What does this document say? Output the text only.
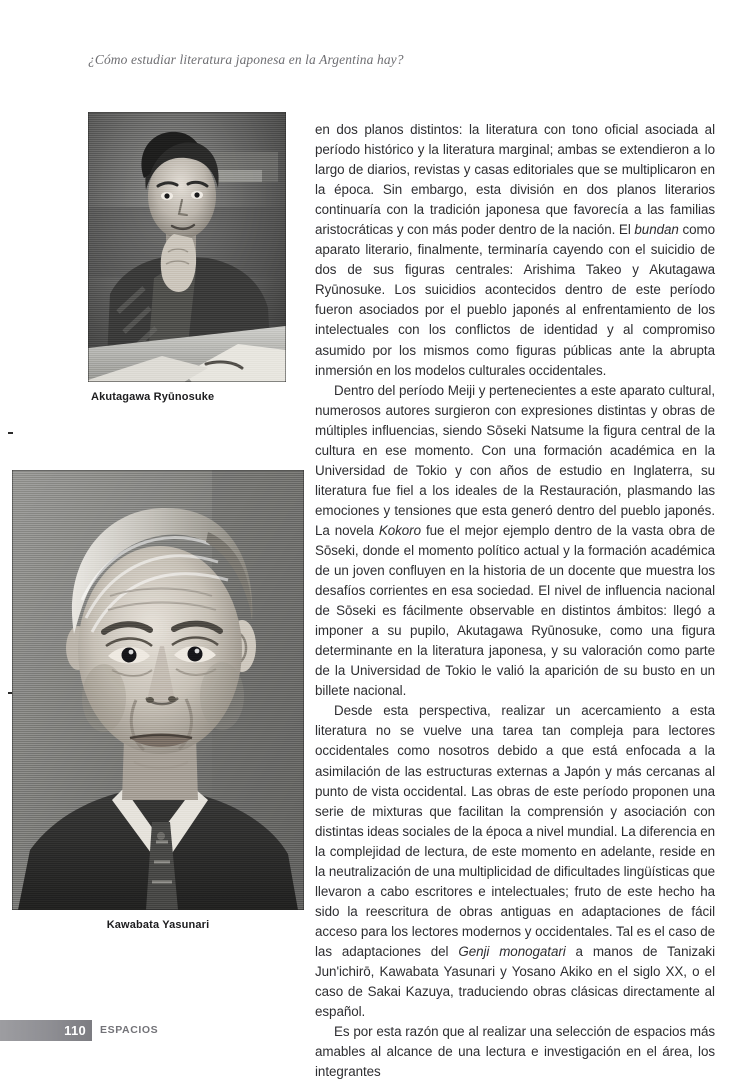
¿Cómo estudiar literatura japonesa en la Argentina hay?
Akutagawa Ryūnosuke
Kawabata Yasunari

en dos planos distintos: la literatura con tono oficial asociada al período histórico y la literatura marginal; ambas se extendieron a lo largo de diarios, revistas y casas editoriales que se multiplicaron en la época. Sin embargo, esta división en dos planos literarios continuaría con la tradición japonesa que favorecía a las familias aristocráticas y con más poder dentro de la nación. El bundan como aparato literario, finalmente, terminaría cayendo con el suicidio de dos de sus figuras centrales: Arishima Takeo y Akutagawa Ryūnosuke. Los suicidios acontecidos dentro de este período fueron asociados por el pueblo japonés al enfrentamiento de los intelectuales con los conflictos de identidad y al compromiso asumido por los mismos como figuras públicas ante la abrupta inmersión en los modelos culturales occidentales.

Dentro del período Meiji y pertenecientes a este aparato cultural, numerosos autores surgieron con expresiones distintas y obras de múltiples influencias, siendo Sōseki Natsume la figura central de la cultura en ese momento. Con una formación académica en la Universidad de Tokio y con años de estudio en Inglaterra, su literatura fue fiel a los ideales de la Restauración, plasmando las emociones y tensiones que esta generó dentro del pueblo japonés. La novela Kokoro fue el mejor ejemplo dentro de la vasta obra de Sōseki, donde el momento político actual y la formación académica de un joven confluyen en la historia de un docente que muestra los desafíos corrientes en esa sociedad. El nivel de influencia nacional de Sōseki es fácilmente observable en distintos ámbitos: llegó a imponer a su pupilo, Akutagawa Ryūnosuke, como una figura determinante en la literatura japonesa, y su valoración como parte de la Universidad de Tokio le valió la aparición de su busto en un billete nacional.

Desde esta perspectiva, realizar un acercamiento a esta literatura no se vuelve una tarea tan compleja para lectores occidentales como nosotros debido a que está enfocada a la asimilación de las estructuras externas a Japón y más cercanas al punto de vista occidental. Las obras de este período proponen una serie de mixturas que facilitan la comprensión y asociación con distintas ideas sociales de la época a nivel mundial. La diferencia en la complejidad de lectura, de este momento en adelante, reside en la neutralización de una multiplicidad de dificultades lingüísticas que llevaron a cabo escritores e intelectuales; fruto de este hecho ha sido la reescritura de obras antiguas en adaptaciones de fácil acceso para los lectores modernos y occidentales. Tal es el caso de las adaptaciones del Genji monogatari a manos de Tanizaki Jun'ichirō, Kawabata Yasunari y Yosano Akiko en el siglo XX, o el caso de Sakai Kazuya, traduciendo obras clásicas directamente al español.

Es por esta razón que al realizar una selección de espacios más amables al alcance de una lectura e investigación en el área, los integrantes

110 ESPACIOS
